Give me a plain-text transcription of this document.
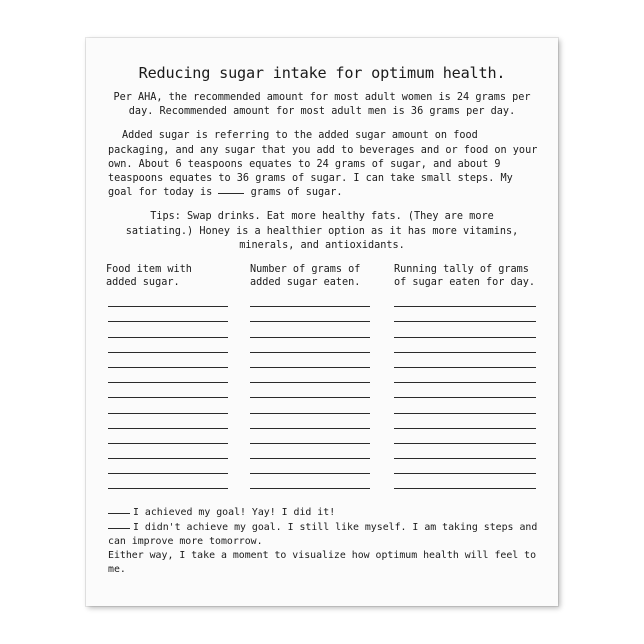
Reducing sugar intake for optimum health.
Per AHA, the recommended amount for most adult women is 24 grams per day. Recommended amount for most adult men is 36 grams per day.
Added sugar is referring to the added sugar amount on food packaging, and any sugar that you add to beverages and or food on your own. About 6 teaspoons equates to 24 grams of sugar, and about 9 teaspoons equates to 36 grams of sugar. I can take small steps. My goal for today is	grams of sugar.
Tips: Swap drinks. Eat more healthy fats. (They are more satiating.) Honey is a healthier option as it has more vitamins, minerals, and antioxidants.
Food item with
added sugar.
Number of grams of
added sugar eaten.
Running tally of grams
of sugar eaten for day.

I achieved my goal! Yay! I did it!

I didn't achieve my goal. I still like myself. I am taking steps and can improve more tomorrow.

Either way, I take a moment to visualize how optimum health will feel to me.
